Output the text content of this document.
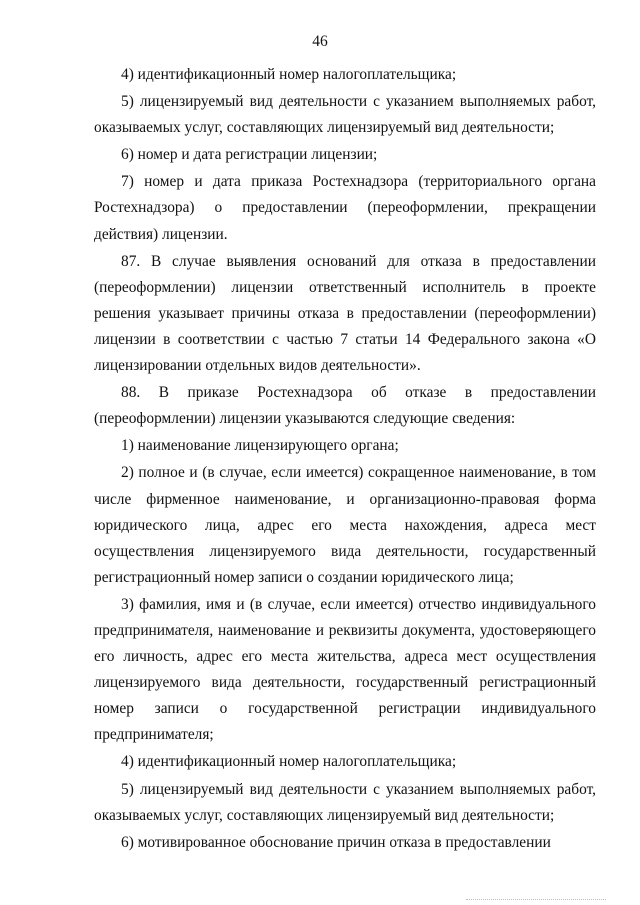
46

4) идентификационный номер налогоплательщика;

5) лицензируемый вид деятельности с указанием выполняемых работ, оказываемых услуг, составляющих лицензируемый вид деятельности;

6) номер и дата регистрации лицензии;

7) номер и дата приказа Ростехнадзора (территориального органа Ростехнадзора) о предоставлении (переоформлении, прекращении действия) лицензии.

87. В случае выявления оснований для отказа в предоставлении (переоформлении) лицензии ответственный исполнитель в проекте решения указывает причины отказа в предоставлении (переоформлении) лицензии в соответствии с частью 7 статьи 14 Федерального закона «О лицензировании отдельных видов деятельности».

88. В приказе Ростехнадзора об отказе в предоставлении (переоформлении) лицензии указываются следующие сведения:

1) наименование лицензирующего органа;

2) полное и (в случае, если имеется) сокращенное наименование, в том числе фирменное наименование, и организационно-правовая форма юридического лица, адрес его места нахождения, адреса мест осуществления лицензируемого вида деятельности, государственный регистрационный номер записи о создании юридического лица;

3) фамилия, имя и (в случае, если имеется) отчество индивидуального предпринимателя, наименование и реквизиты документа, удостоверяющего его личность, адрес его места жительства, адреса мест осуществления лицензируемого вида деятельности, государственный регистрационный номер записи о государственной регистрации индивидуального предпринимателя;

4) идентификационный номер налогоплательщика;

5) лицензируемый вид деятельности с указанием выполняемых работ, оказываемых услуг, составляющих лицензируемый вид деятельности;

6) мотивированное обоснование причин отказа в предоставлении
